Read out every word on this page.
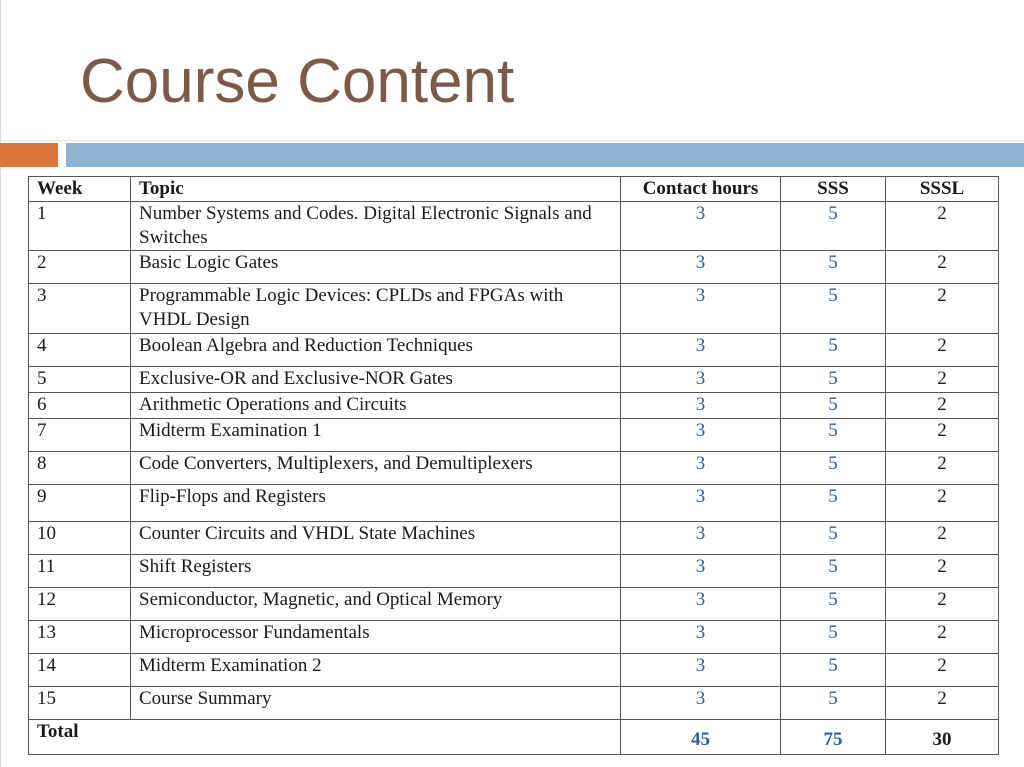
Course Content
Week	Topic	Contact hours	SSS	SSSL
1	Number Systems and Codes. Digital Electronic Signals and Switches	3	5	2
2	Basic Logic Gates	3	5	2
3	Programmable Logic Devices: CPLDs and FPGAs with VHDL Design	3	5	2
4	Boolean Algebra and Reduction Techniques	3	5	2
5	Exclusive-OR and Exclusive-NOR Gates	3	5	2
6	Arithmetic Operations and Circuits	3	5	2
7	Midterm Examination 1	3	5	2
8	Code Converters, Multiplexers, and Demultiplexers	3	5	2
9	Flip-Flops and Registers	3	5	2
10	Counter Circuits and VHDL State Machines	3	5	2
11	Shift Registers	3	5	2
12	Semiconductor, Magnetic, and Optical Memory	3	5	2
13	Microprocessor Fundamentals	3	5	2
14	Midterm Examination 2	3	5	2
15	Course Summary	3	5	2
Total		45	75	30
